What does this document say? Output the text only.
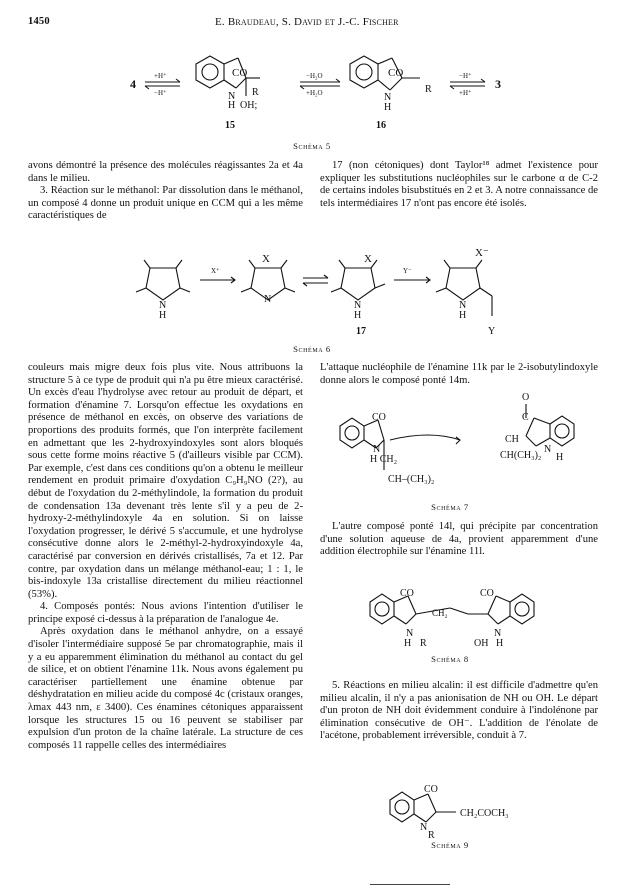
1450	E. Braudeau, S. David et J.-C. Fischer
4
+H⁺
−H⁺
CO
R
N
H OH;
15
−H₂O
+H₂O
CO
R
N
H
16
−H⁺
+H⁺
3
Schéma 5

avons démontré la présence des molécules réagissantes 2a et 4a dans le milieu.

3. Réaction sur le méthanol: Par dissolution dans le méthanol, un composé 4 donne un produit unique en CCM qui a les même caractéristiques de

17 (non cétoniques) dont Taylor¹⁸ admet l'existence pour expliquer les substitutions nucléophiles sur le carbone α de C-2 de certains indoles bisubstitués en 2 et 3. A notre connaissance de tels intermédiaires 17 n'ont pas encore été isolés.

X⁺	Y⁻
X	X	X⁻
N
H
N
N
H
N
H
17	Y
Schéma 6

couleurs mais migre deux fois plus vite. Nous attribuons la structure 5 à ce type de produit qui n'a pu être mieux caractérisé. Un excès d'eau l'hydrolyse avec retour au produit de départ, et formation d'énamine 7. Lorsqu'on effectue les oxydations en présence de méthanol en excès, on observe des variations de proportions des produits formés, que l'on interprète facilement en admettant que les 2-hydroxyindoxyles sont alors bloqués sous cette forme moins réactive 5 (d'ailleurs visible par CCM). Par exemple, c'est dans ces conditions qu'on a obtenu le meilleur rendement en produit primaire d'oxydation C₉H₉NO (2?), au début de l'oxydation du 2-méthylindole, la formation du produit de condensation 13a devenant très lente s'il y a peu de 2-hydroxy-2-méthylindoxyle 4a en solution. Si on laisse l'oxydation progresser, le dérivé 5 s'accumule, et une hydrolyse consécutive donne alors le 2-méthyl-2-hydroxyindoxyle 4a, caractérisé par conversion en dérivés cristallisés, 7a et 12. Par contre, par oxydation dans un mélange méthanol-eau; 1 : 1, le bis-indoxyle 13a cristallise directement du milieu réactionnel (53%).

4. Composés pontés: Nous avions l'intention d'utiliser le principe exposé ci-dessus à la préparation de l'analogue 4e.

Après oxydation dans le méthanol anhydre, on a essayé d'isoler l'intermédiaire supposé 5e par chromatographie, mais il y a eu apparemment élimination du méthanol au contact du gel de silice, et on obtient l'énamine 11k. Nous avons également pu caractériser partiellement une énamine obtenue par déshydratation en milieu acide du composé 4c (cristaux oranges, λmax 443 nm, ε 3400). Ces énamines cétoniques apparaissent lorsque les structures 15 ou 16 peuvent se stabiliser par expulsion d'un proton de la chaîne latérale. La structure de ces composés 11 rappelle celles des intermédiaires

L'attaque nucléophile de l'énamine 11k par le 2-isobutylindoxyle donne alors le composé ponté 14m.
CO
N
H CH₂
CH–(CH₃)₂
O
C
CH
CH(CH₃)₂
N
H
Schéma 7

L'autre composé ponté 14l, qui précipite par concentration d'une solution aqueuse de 4a, provient apparemment d'une addition électrophile sur l'énamine 11l.

CO	CO
CH₂
N
H R	OH
N
H
Schéma 8

5. Réactions en milieu alcalin: il est difficile d'admettre qu'en milieu alcalin, il n'y a pas anionisation de NH ou OH. Le départ d'un proton de NH doit évidemment conduire à l'indolénone par élimination consécutive de OH⁻. L'addition de l'énolate de l'acétone, probablement irréversible, conduit à 7.

CO
CH₂COCH₃
N
R
Schéma 9
